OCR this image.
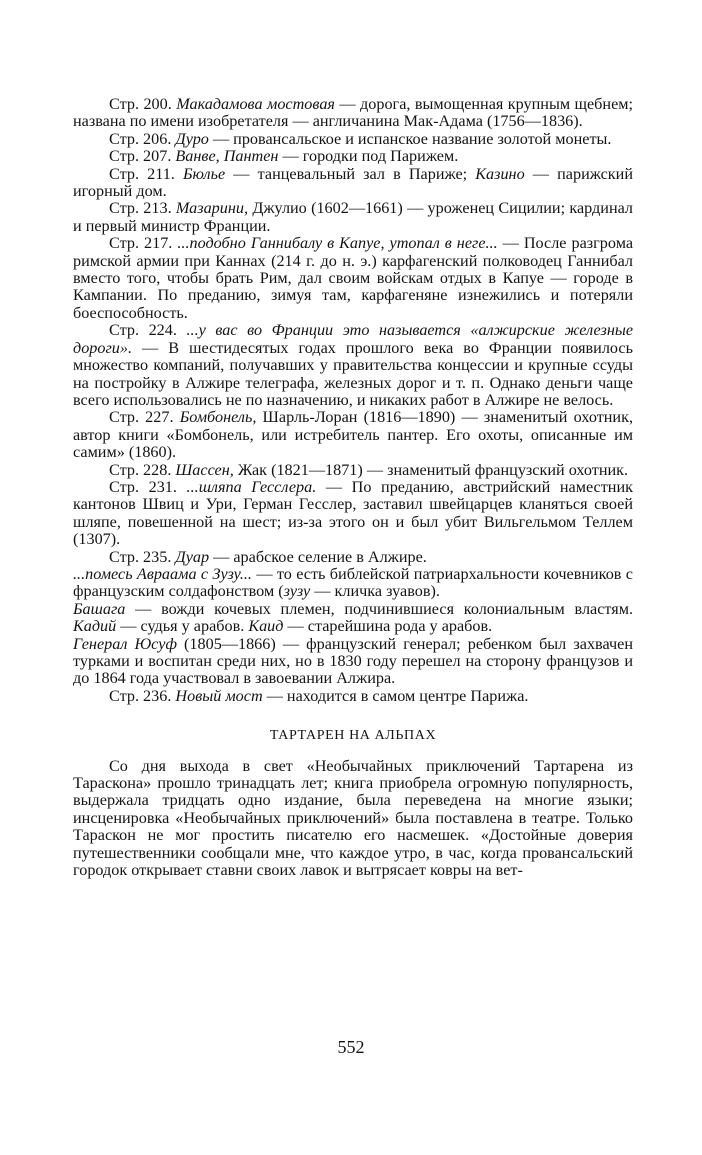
Стр. 200. Макадамова мостовая — дорога, вымощенная крупным щебнем; названа по имени изобретателя — англичанина Мак-Адама (1756—1836).

Стр. 206. Дуро — провансальское и испанское название золотой монеты.

Стр. 207. Ванве, Пантен — городки под Парижем.

Стр. 211. Бюлье — танцевальный зал в Париже; Казино — парижский игорный дом.

Стр. 213. Мазарини, Джулио (1602—1661) — уроженец Сицилии; кардинал и первый министр Франции.

Стр. 217. ...подобно Ганнибалу в Капуе, утопал в неге... — После разгрома римской армии при Каннах (214 г. до н. э.) карфагенский полководец Ганнибал вместо того, чтобы брать Рим, дал своим войскам отдых в Капуе — городе в Кампании. По преданию, зимуя там, карфагеняне изнежились и потеряли боеспособность.

Стр. 224. ...у вас во Франции это называется «алжирские железные дороги». — В шестидесятых годах прошлого века во Франции появилось множество компаний, получавших у правительства концессии и крупные ссуды на постройку в Алжире телеграфа, железных дорог и т. п. Однако деньги чаще всего использовались не по назначению, и никаких работ в Алжире не велось.

Стр. 227. Бомбонель, Шарль-Лоран (1816—1890) — знаменитый охотник, автор книги «Бомбонель, или истребитель пантер. Его охоты, описанные им самим» (1860).

Стр. 228. Шассен, Жак (1821—1871) — знаменитый французский охотник.

Стр. 231. ...шляпа Гесслера. — По преданию, австрийский наместник кантонов Швиц и Ури, Герман Гесслер, заставил швейцарцев кланяться своей шляпе, повешенной на шест; из-за этого он и был убит Вильгельмом Теллем (1307).

Стр. 235. Дуар — арабское селение в Алжире.

...помесь Авраама с Зузу... — то есть библейской патриархальности кочевников с французским солдафонством (зузу — кличка зуавов).

Башага — вожди кочевых племен, подчинившиеся колониальным властям. Кадий — судья у арабов. Каид — старейшина рода у арабов.

Генерал Юсуф (1805—1866) — французский генерал; ребенком был захвачен турками и воспитан среди них, но в 1830 году перешел на сторону французов и до 1864 года участвовал в завоевании Алжира.

Стр. 236. Новый мост — находится в самом центре Парижа.

ТАРТАРЕН НА АЛЬПАХ

Со дня выхода в свет «Необычайных приключений Тартарена из Тараскона» прошло тринадцать лет; книга приобрела огромную популярность, выдержала тридцать одно издание, была переведена на многие языки; инсценировка «Необычайных приключений» была поставлена в театре. Только Тараскон не мог простить писателю его насмешек. «Достойные доверия путешественники сообщали мне, что каждое утро, в час, когда провансальский городок открывает ставни своих лавок и вытрясает ковры на вет-

552
